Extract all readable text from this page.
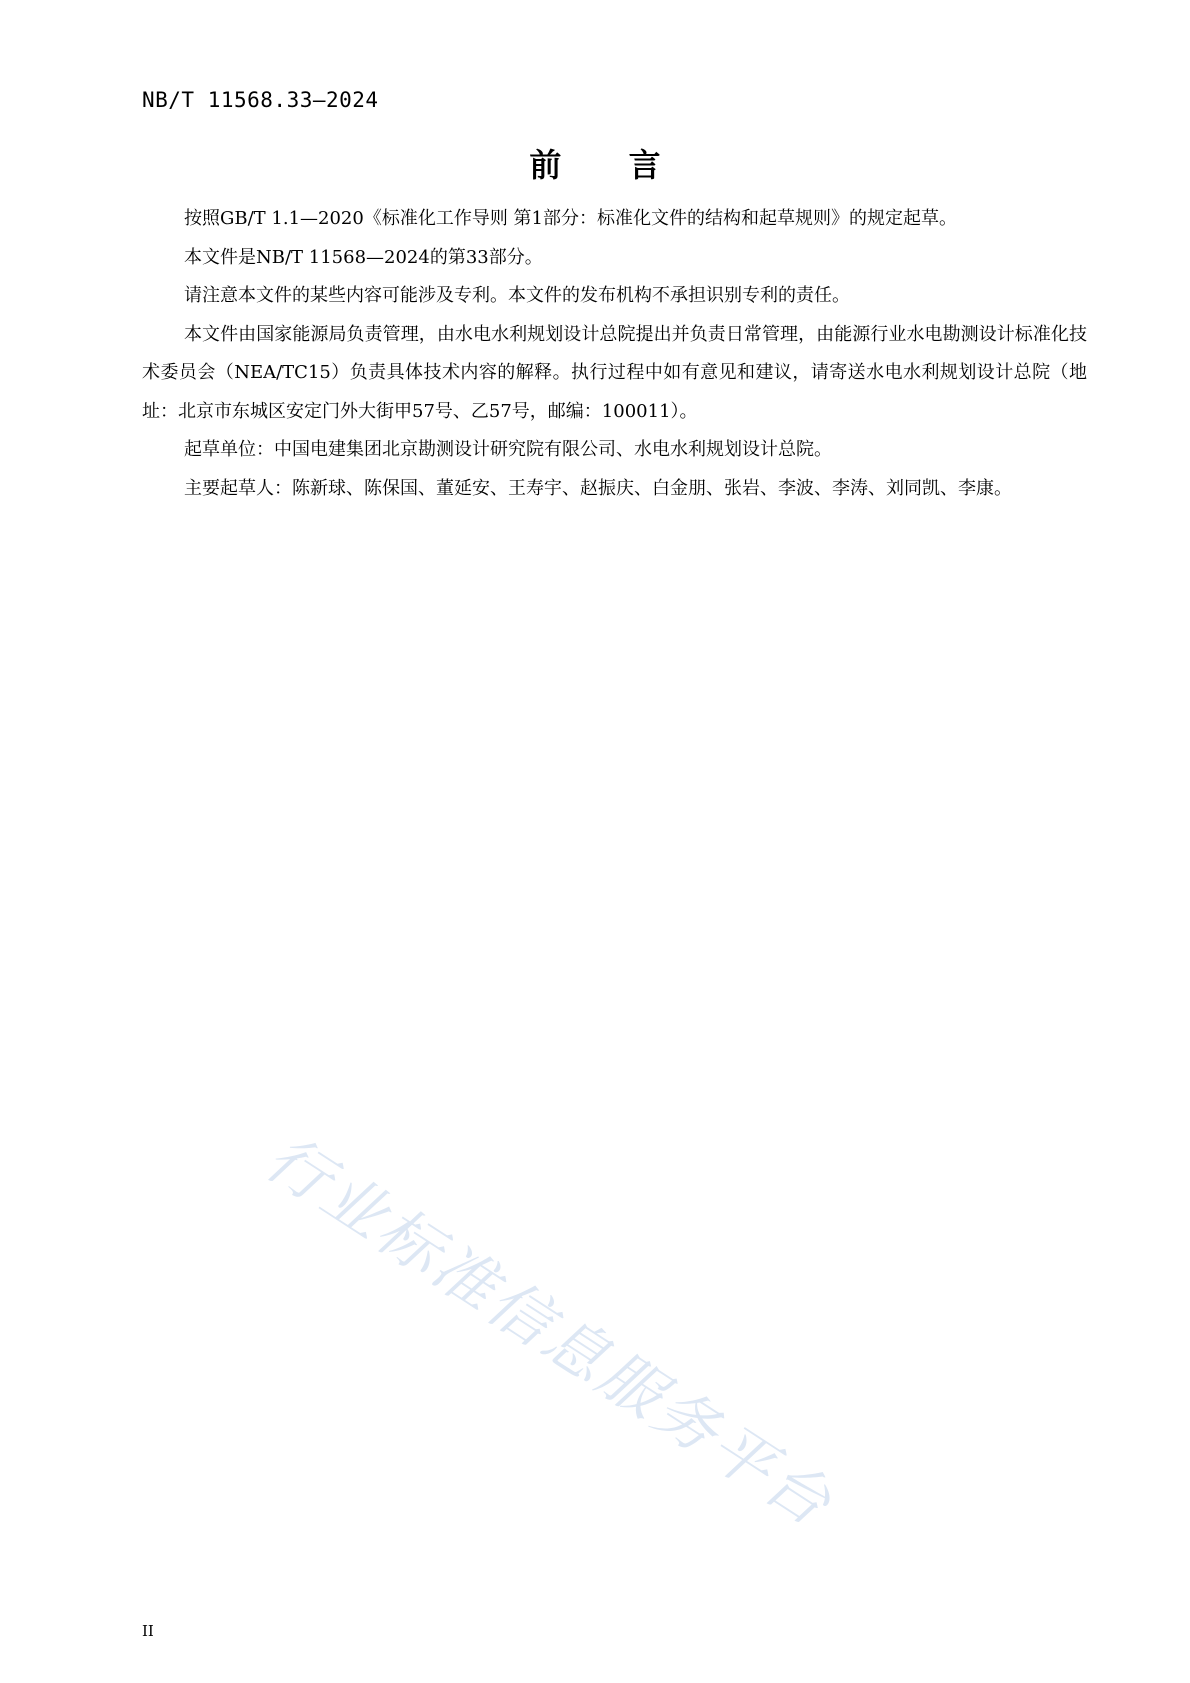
NB/T 11568.33—2024
前 言

按照GB/T 1.1—2020《标准化工作导则 第1部分：标准化文件的结构和起草规则》的规定起草。

本文件是NB/T 11568—2024的第33部分。

请注意本文件的某些内容可能涉及专利。本文件的发布机构不承担识别专利的责任。

本文件由国家能源局负责管理，由水电水利规划设计总院提出并负责日常管理，由能源行业水电勘测设计标准化技术委员会（NEA/TC15）负责具体技术内容的解释。执行过程中如有意见和建议，请寄送水电水利规划设计总院（地址：北京市东城区安定门外大街甲57号、乙57号，邮编：100011）。

起草单位：中国电建集团北京勘测设计研究院有限公司、水电水利规划设计总院。

主要起草人：陈新球、陈保国、董延安、王寿宇、赵振庆、白金朋、张岩、李波、李涛、刘同凯、李康。

行业标准信息服务平台
II
